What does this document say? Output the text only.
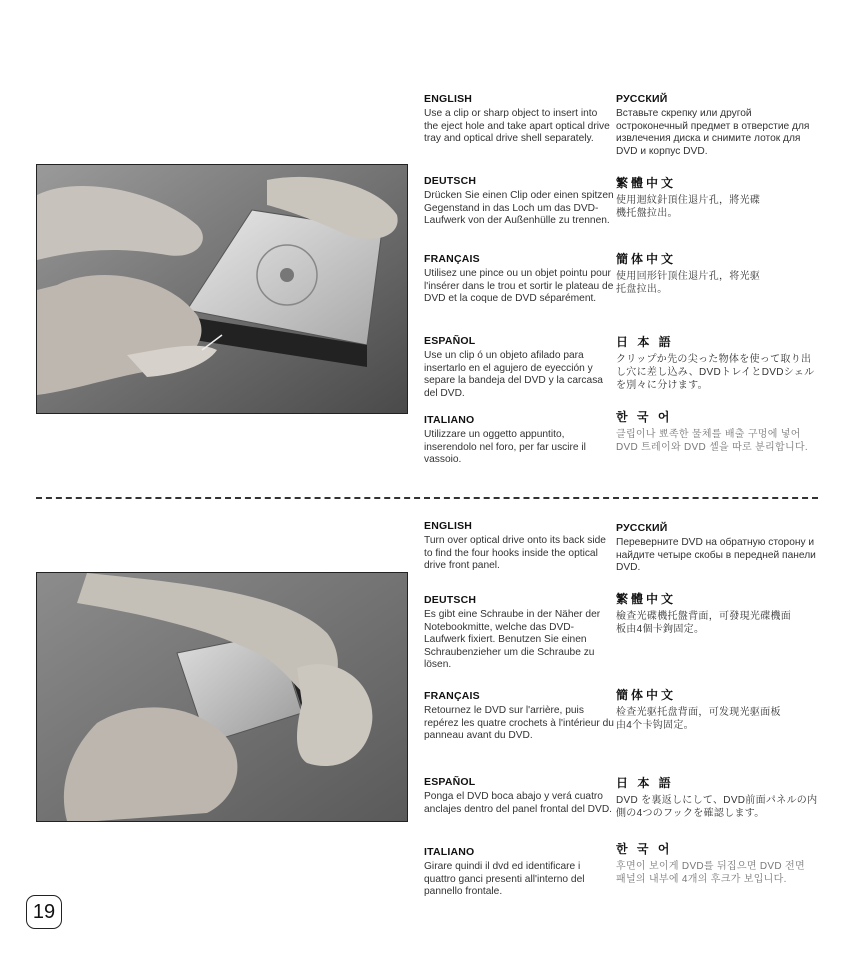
ENGLISH

Use a clip or sharp object to insert into the eject hole and take apart optical drive tray and optical drive shell separately.

DEUTSCH

Drücken Sie einen Clip oder einen spitzen Gegenstand in das Loch um das DVD-Laufwerk von der Außenhülle zu trennen.

FRANÇAIS

Utilisez une pince ou un objet pointu pour l'insérer dans le trou et sortir le plateau de DVD et la coque de DVD séparément.

ESPAÑOL

Use un clip ó un objeto afilado para insertarlo en el agujero de eyección y separe la bandeja del DVD y la carcasa del DVD.

ITALIANO

Utilizzare un oggetto appuntito, inserendolo nel foro, per far uscire il vassoio.

РУССКИЙ

Вставьте скрепку или другой остроконечный предмет в отверстие для извлечения диска и снимите лоток для DVD и корпус DVD.

繁體中文

使用迴紋針頂住退片孔，將光碟機托盤拉出。

簡体中文

使用回形针顶住退片孔，将光驱托盘拉出。

日 本 語

クリップか先の尖った物体を使って取り出し穴に差し込み、DVDトレイとDVDシェルを別々に分けます。

한 국 어

클립이나 뾰족한 물체를 배출 구멍에 넣어 DVD 트레이와 DVD 셸을 따로 분리합니다.

ENGLISH

Turn over optical drive onto its back side to find the four hooks inside the optical drive front panel.

DEUTSCH

Es gibt eine Schraube in der Näher der Notebookmitte, welche das DVD-Laufwerk fixiert. Benutzen Sie einen Schraubenzieher um die Schraube zu lösen.

FRANÇAIS

Retournez le DVD sur l'arrière, puis repérez les quatre crochets à l'intérieur du panneau avant du DVD.

ESPAÑOL

Ponga el DVD boca abajo y verá cuatro anclajes dentro del panel frontal del DVD.

ITALIANO

Girare quindi il dvd ed identificare i quattro ganci presenti all'interno del pannello frontale.

РУССКИЙ

Переверните DVD на обратную сторону и найдите четыре скобы в передней панели DVD.

繁體中文

檢查光碟機托盤背面，可發現光碟機面板由4個卡鉤固定。

簡体中文

检查光驱托盘背面，可发现光驱面板由4个卡钩固定。

日 本 語

DVD を裏返しにして、DVD前面パネルの内側の4つのフックを確認します。

한 국 어

후면이 보이게 DVD를 뒤집으면 DVD 전면 패널의 내부에 4개의 후크가 보입니다.

19
